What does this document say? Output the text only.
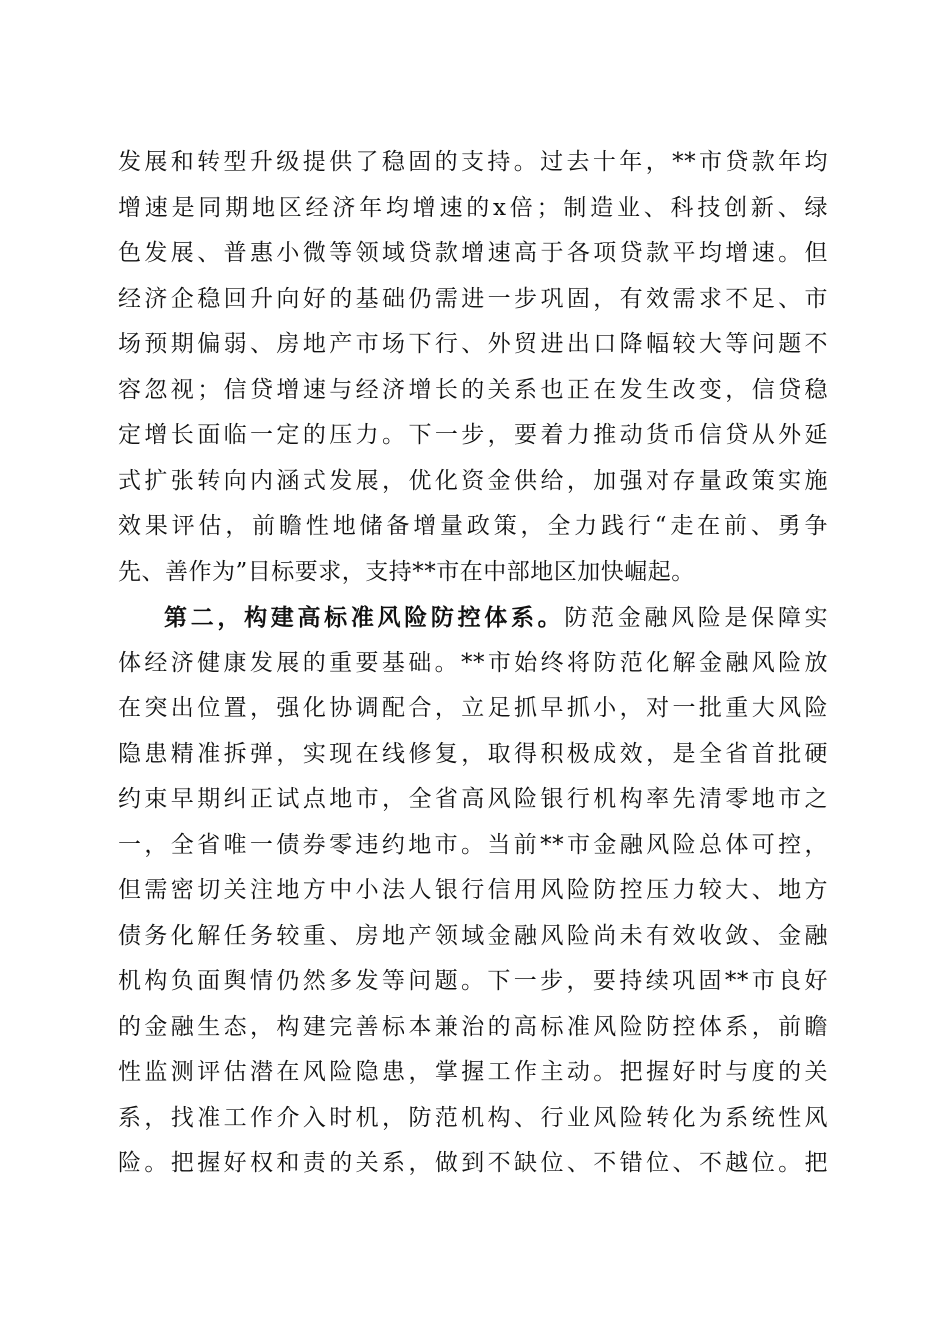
发展和转型升级提供了稳固的支持。过去十年，**市贷款年均
增速是同期地区经济年均增速的x倍；制造业、科技创新、绿
色发展、普惠小微等领域贷款增速高于各项贷款平均增速。但
经济企稳回升向好的基础仍需进一步巩固，有效需求不足、市
场预期偏弱、房地产市场下行、外贸进出口降幅较大等问题不
容忽视；信贷增速与经济增长的关系也正在发生改变，信贷稳
定增长面临一定的压力。下一步，要着力推动货币信贷从外延
式扩张转向内涵式发展，优化资金供给，加强对存量政策实施
效果评估，前瞻性地储备增量政策，全力践行“走在前、勇争
先、善作为”目标要求，支持**市在中部地区加快崛起。
第二，构建高标准风险防控体系。防范金融风险是保障实
体经济健康发展的重要基础。**市始终将防范化解金融风险放
在突出位置，强化协调配合，立足抓早抓小，对一批重大风险
隐患精准拆弹，实现在线修复，取得积极成效，是全省首批硬
约束早期纠正试点地市，全省高风险银行机构率先清零地市之
一，全省唯一债券零违约地市。当前**市金融风险总体可控，
但需密切关注地方中小法人银行信用风险防控压力较大、地方
债务化解任务较重、房地产领域金融风险尚未有效收敛、金融
机构负面舆情仍然多发等问题。下一步，要持续巩固**市良好
的金融生态，构建完善标本兼治的高标准风险防控体系，前瞻
性监测评估潜在风险隐患，掌握工作主动。把握好时与度的关
系，找准工作介入时机，防范机构、行业风险转化为系统性风
险。把握好权和责的关系，做到不缺位、不错位、不越位。把
